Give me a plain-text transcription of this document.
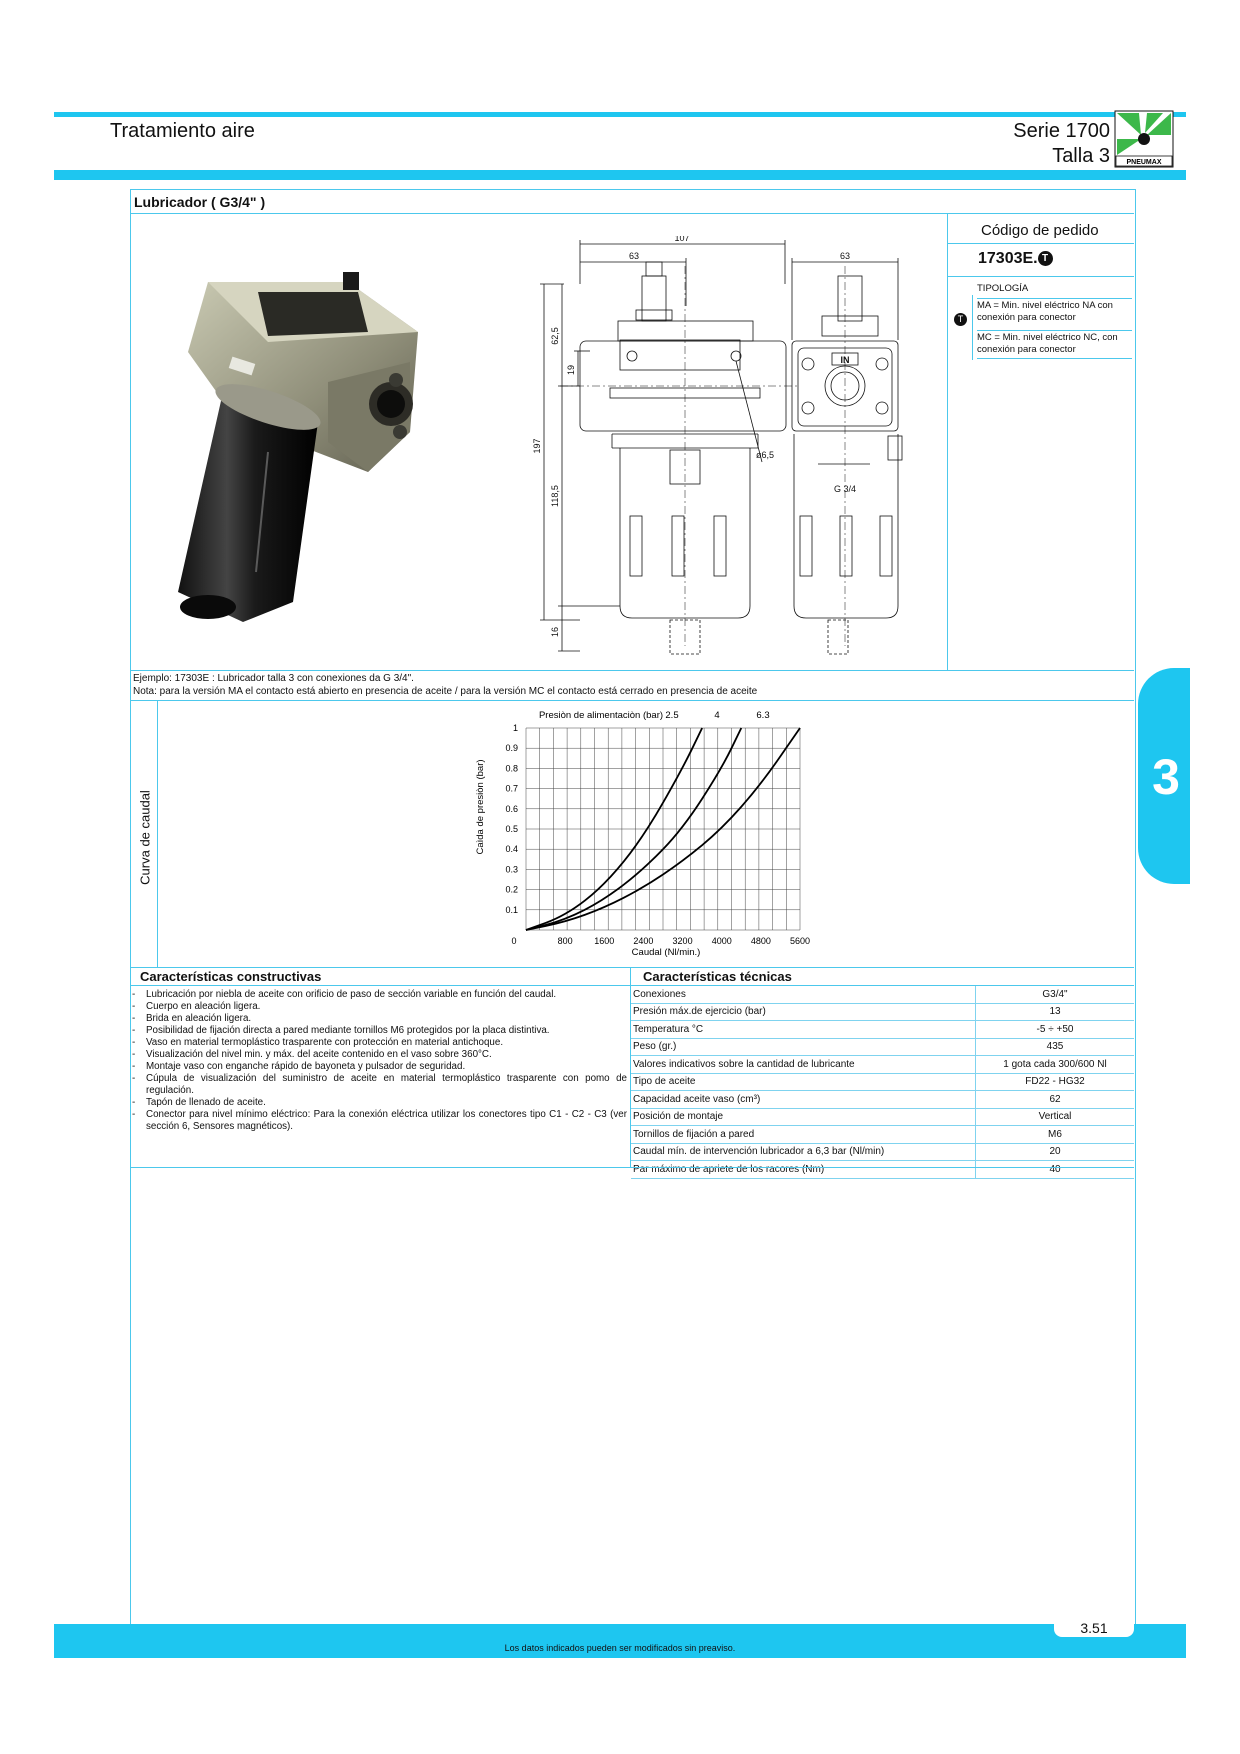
Tratamiento aire	Serie 1700
Talla 3 PNEUMAX
Lubricador ( G3/4" )
107
63	63
62,5
19
197
118,5
16
ø6,5
G 3/4
IN
Código de pedido
17303E. T
TIPOLOGÍA
T
MA = Min. nivel eléctrico NA con conexión para conector
MC = Min. nivel eléctrico NC, con conexión para conector
Ejemplo: 17303E : Lubricador talla 3 con conexiones da G 3/4".
Nota: para la versión MA el contacto está abierto en presencia de aceite / para la versión MC el contacto está cerrado en presencia de aceite
Curva de caudal
Presiòn de alimentaciòn (bar)
Caìda de presiòn (bar)
Caudal (Nl/min.)
0	800 1600 2400 3200 4000 4800 5600
1
0.9
0.8
0.7
0.6
0.5
0.4
0.3
0.2
0.1
2.5	4	6.3
Características constructivas	Características técnicas
- Lubricación por niebla de aceite con orificio de paso de sección variable en función del caudal.
- Cuerpo en aleación ligera.
- Brida en aleación ligera.
- Posibilidad de fijación directa a pared mediante tornillos M6 protegidos por la placa distintiva.
- Vaso en material termoplástico trasparente con protección en material antichoque.
- Visualización del nivel min. y máx. del aceite contenido en el vaso sobre 360°C.
- Montaje vaso con enganche rápido de bayoneta y pulsador de seguridad.
- Cúpula de visualización del suministro de aceite en material termoplástico trasparente con pomo de regulación.
- Tapón de llenado de aceite.
- Conector para nivel mínimo eléctrico: Para la conexión eléctrica utilizar los conectores tipo C1 - C2 - C3 (ver sección 6, Sensores magnéticos).
Conexiones	G3/4"
Presión máx.de ejercicio (bar)	13
Temperatura °C	-5 ÷ +50
Peso (gr.)	435
Valores indicativos sobre la cantidad de lubricante	1 gota cada 300/600 Nl
Tipo de aceite	FD22 - HG32
Capacidad aceite vaso (cm³)	62
Posición de montaje	Vertical
Tornillos de fijación a pared	M6
Caudal mín. de intervención lubricador a 6,3 bar (Nl/min)	20
Par máximo de apriete de los racores (Nm)	40
3
Los datos indicados pueden ser modificados sin preaviso.
3.51
